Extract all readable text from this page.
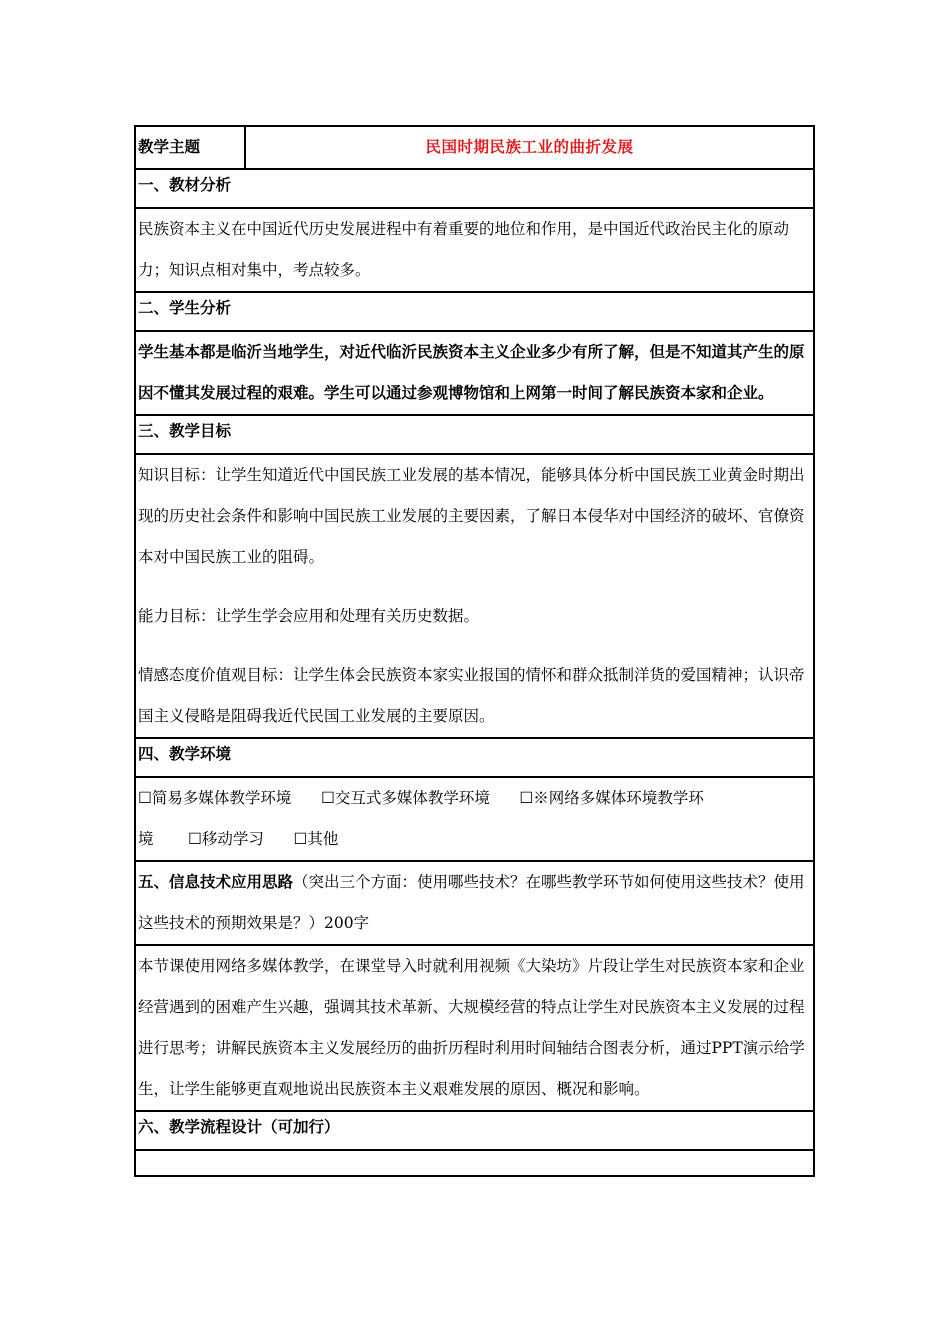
教学主题	民国时期民族工业的曲折发展
一、教材分析
民族资本主义在中国近代历史发展进程中有着重要的地位和作用，是中国近代政治民主化的原动力；知识点相对集中，考点较多。
二、学生分析
学生基本都是临沂当地学生，对近代临沂民族资本主义企业多少有所了解，但是不知道其产生的原因不懂其发展过程的艰难。学生可以通过参观博物馆和上网第一时间了解民族资本家和企业。
三、教学目标

知识目标：让学生知道近代中国民族工业发展的基本情况，能够具体分析中国民族工业黄金时期出现的历史社会条件和影响中国民族工业发展的主要因素，了解日本侵华对中国经济的破坏、官僚资本对中国民族工业的阻碍。
能力目标：让学生学会应用和处理有关历史数据。
情感态度价值观目标：让学生体会民族资本家实业报国的情怀和群众抵制洋货的爱国精神；认识帝国主义侵略是阻碍我近代民国工业发展的主要原因。

四、教学环境

☐简易多媒体教学环境      ☐交互式多媒体教学环境      ☐※网络多媒体环境教学环
境       ☐移动学习      ☐其他

五、信息技术应用思路（突出三个方面：使用哪些技术？在哪些教学环节如何使用这些技术？使用这些技术的预期效果是？）200字
本节课使用网络多媒体教学，在课堂导入时就利用视频《大染坊》片段让学生对民族资本家和企业经营遇到的困难产生兴趣，强调其技术革新、大规模经营的特点让学生对民族资本主义发展的过程进行思考；讲解民族资本主义发展经历的曲折历程时利用时间轴结合图表分析，通过PPT演示给学生，让学生能够更直观地说出民族资本主义艰难发展的原因、概况和影响。
六、教学流程设计（可加行）
